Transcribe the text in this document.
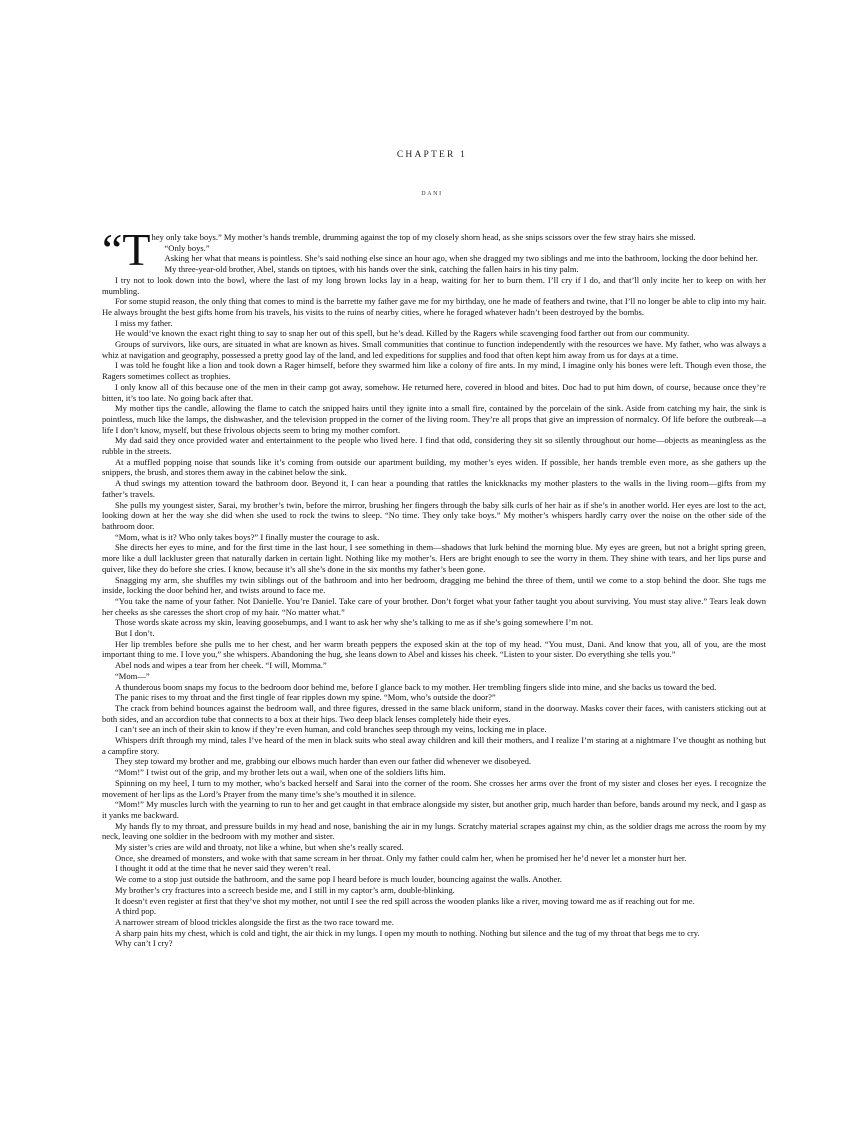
CHAPTER 1
DANI

“They only take boys.” My mother’s hands tremble, drumming against the top of my closely shorn head, as she snips scissors over the few stray hairs she missed.

“Only boys.”

Asking her what that means is pointless. She’s said nothing else since an hour ago, when she dragged my two siblings and me into the bathroom, locking the door behind her.

My three-year-old brother, Abel, stands on tiptoes, with his hands over the sink, catching the fallen hairs in his tiny palm.

I try not to look down into the bowl, where the last of my long brown locks lay in a heap, waiting for her to burn them. I’ll cry if I do, and that’ll only incite her to keep on with her mumbling.

For some stupid reason, the only thing that comes to mind is the barrette my father gave me for my birthday, one he made of feathers and twine, that I’ll no longer be able to clip into my hair. He always brought the best gifts home from his travels, his visits to the ruins of nearby cities, where he foraged whatever hadn’t been destroyed by the bombs.

I miss my father.

He would’ve known the exact right thing to say to snap her out of this spell, but he’s dead. Killed by the Ragers while scavenging food farther out from our community.

Groups of survivors, like ours, are situated in what are known as hives. Small communities that continue to function independently with the resources we have. My father, who was always a whiz at navigation and geography, possessed a pretty good lay of the land, and led expeditions for supplies and food that often kept him away from us for days at a time.

I was told he fought like a lion and took down a Rager himself, before they swarmed him like a colony of fire ants. In my mind, I imagine only his bones were left. Though even those, the Ragers sometimes collect as trophies.

I only know all of this because one of the men in their camp got away, somehow. He returned here, covered in blood and bites. Doc had to put him down, of course, because once they’re bitten, it’s too late. No going back after that.

My mother tips the candle, allowing the flame to catch the snipped hairs until they ignite into a small fire, contained by the porcelain of the sink. Aside from catching my hair, the sink is pointless, much like the lamps, the dishwasher, and the television propped in the corner of the living room. They’re all props that give an impression of normalcy. Of life before the outbreak—a life I don’t know, myself, but these frivolous objects seem to bring my mother comfort.

My dad said they once provided water and entertainment to the people who lived here. I find that odd, considering they sit so silently throughout our home—objects as meaningless as the rubble in the streets.

At a muffled popping noise that sounds like it’s coming from outside our apartment building, my mother’s eyes widen. If possible, her hands tremble even more, as she gathers up the snippers, the brush, and stores them away in the cabinet below the sink.

A thud swings my attention toward the bathroom door. Beyond it, I can hear a pounding that rattles the knickknacks my mother plasters to the walls in the living room—gifts from my father’s travels.

She pulls my youngest sister, Sarai, my brother’s twin, before the mirror, brushing her fingers through the baby silk curls of her hair as if she’s in another world. Her eyes are lost to the act, looking down at her the way she did when she used to rock the twins to sleep. “No time. They only take boys.” My mother’s whispers hardly carry over the noise on the other side of the bathroom door.

“Mom, what is it? Who only takes boys?” I finally muster the courage to ask.

She directs her eyes to mine, and for the first time in the last hour, I see something in them—shadows that lurk behind the morning blue. My eyes are green, but not a bright spring green, more like a dull lackluster green that naturally darken in certain light. Nothing like my mother’s. Hers are bright enough to see the worry in them. They shine with tears, and her lips purse and quiver, like they do before she cries. I know, because it’s all she’s done in the six months my father’s been gone.

Snagging my arm, she shuffles my twin siblings out of the bathroom and into her bedroom, dragging me behind the three of them, until we come to a stop behind the door. She tugs me inside, locking the door behind her, and twists around to face me.

“You take the name of your father. Not Danielle. You’re Daniel. Take care of your brother. Don’t forget what your father taught you about surviving. You must stay alive.” Tears leak down her cheeks as she caresses the short crop of my hair. “No matter what.”

Those words skate across my skin, leaving goosebumps, and I want to ask her why she’s talking to me as if she’s going somewhere I’m not.

But I don’t.

Her lip trembles before she pulls me to her chest, and her warm breath peppers the exposed skin at the top of my head. “You must, Dani. And know that you, all of you, are the most important thing to me. I love you,” she whispers. Abandoning the hug, she leans down to Abel and kisses his cheek. “Listen to your sister. Do everything she tells you.”

Abel nods and wipes a tear from her cheek. “I will, Momma.”

“Mom—”

A thunderous boom snaps my focus to the bedroom door behind me, before I glance back to my mother. Her trembling fingers slide into mine, and she backs us toward the bed.

The panic rises to my throat and the first tingle of fear ripples down my spine. “Mom, who’s outside the door?”

The crack from behind bounces against the bedroom wall, and three figures, dressed in the same black uniform, stand in the doorway. Masks cover their faces, with canisters sticking out at both sides, and an accordion tube that connects to a box at their hips. Two deep black lenses completely hide their eyes.

I can’t see an inch of their skin to know if they’re even human, and cold branches seep through my veins, locking me in place.

Whispers drift through my mind, tales I’ve heard of the men in black suits who steal away children and kill their mothers, and I realize I’m staring at a nightmare I’ve thought as nothing but a campfire story.

They step toward my brother and me, grabbing our elbows much harder than even our father did whenever we disobeyed.

“Mom!” I twist out of the grip, and my brother lets out a wail, when one of the soldiers lifts him.

Spinning on my heel, I turn to my mother, who’s backed herself and Sarai into the corner of the room. She crosses her arms over the front of my sister and closes her eyes. I recognize the movement of her lips as the Lord’s Prayer from the many time’s she’s mouthed it in silence.

“Mom!” My muscles lurch with the yearning to run to her and get caught in that embrace alongside my sister, but another grip, much harder than before, bands around my neck, and I gasp as it yanks me backward.

My hands fly to my throat, and pressure builds in my head and nose, banishing the air in my lungs. Scratchy material scrapes against my chin, as the soldier drags me across the room by my neck, leaving one soldier in the bedroom with my mother and sister.

My sister’s cries are wild and throaty, not like a whine, but when she’s really scared.

Once, she dreamed of monsters, and woke with that same scream in her throat. Only my father could calm her, when he promised her he’d never let a monster hurt her.

I thought it odd at the time that he never said they weren’t real.

We come to a stop just outside the bathroom, and the same pop I heard before is much louder, bouncing against the walls. Another.

My brother’s cry fractures into a screech beside me, and I still in my captor’s arm, double-blinking.

It doesn’t even register at first that they’ve shot my mother, not until I see the red spill across the wooden planks like a river, moving toward me as if reaching out for me.

A third pop.

A narrower stream of blood trickles alongside the first as the two race toward me.

A sharp pain hits my chest, which is cold and tight, the air thick in my lungs. I open my mouth to nothing. Nothing but silence and the tug of my throat that begs me to cry.

Why can’t I cry?
